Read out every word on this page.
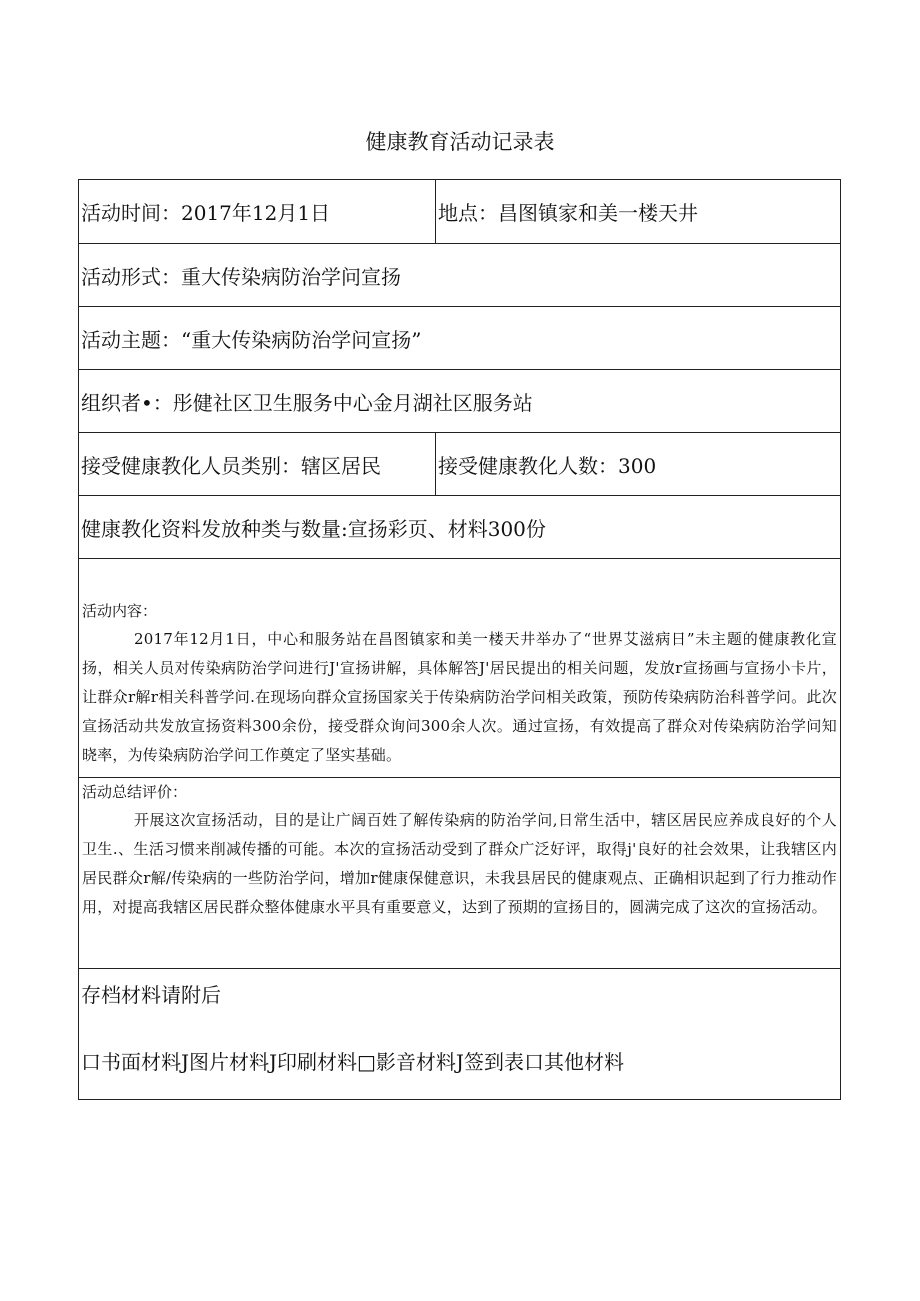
健康教育活动记录表
活动时间：2017年12月1日	地点：昌图镇家和美一楼天井
活动形式：重大传染病防治学问宣扬	
活动主题：“重大传染病防治学问宣扬”	
组织者•：彤健社区卫生服务中心金月湖社区服务站	
接受健康教化人员类别：辖区居民	接受健康教化人数：300
健康教化资料发放种类与数量:宣扬彩页、材料300份	

活动内容：
2017年12月1日，中心和服务站在昌图镇家和美一楼天井举办了“世界艾滋病日”未主题的健康教化宣扬，相关人员对传染病防治学问进行J'宣扬讲解，具体解答J'居民提出的相关问题，发放r宣扬画与宣扬小卡片，让群众r解r相关科普学问.在现场向群众宣扬国家关于传染病防治学问相关政策，预防传染病防治科普学问。此次宣扬活动共发放宣扬资料300余份，接受群众询问300余人次。通过宣扬，有效提高了群众对传染病防治学问知晓率，为传染病防治学问工作奠定了坚实基础。	

活动总结评价：
开展这次宣扬活动，目的是让广阔百姓了解传染病的防治学问,日常生活中，辖区居民应养成良好的个人卫生.、生活习惯来削减传播的可能。本次的宣扬活动受到了群众广泛好评，取得j'良好的社会效果，让我辖区内居民群众r解/传染病的一些防治学问，增加r健康保健意识，未我县居民的健康观点、正确相识起到了行力推动作用，对提高我辖区居民群众整体健康水平具有重要意义，达到了预期的宣扬目的，圆满完成了这次的宣扬活动。	

存档材料请附后
口书面材料J图片材料J印刷材料□影音材料J签到表口其他材料	
